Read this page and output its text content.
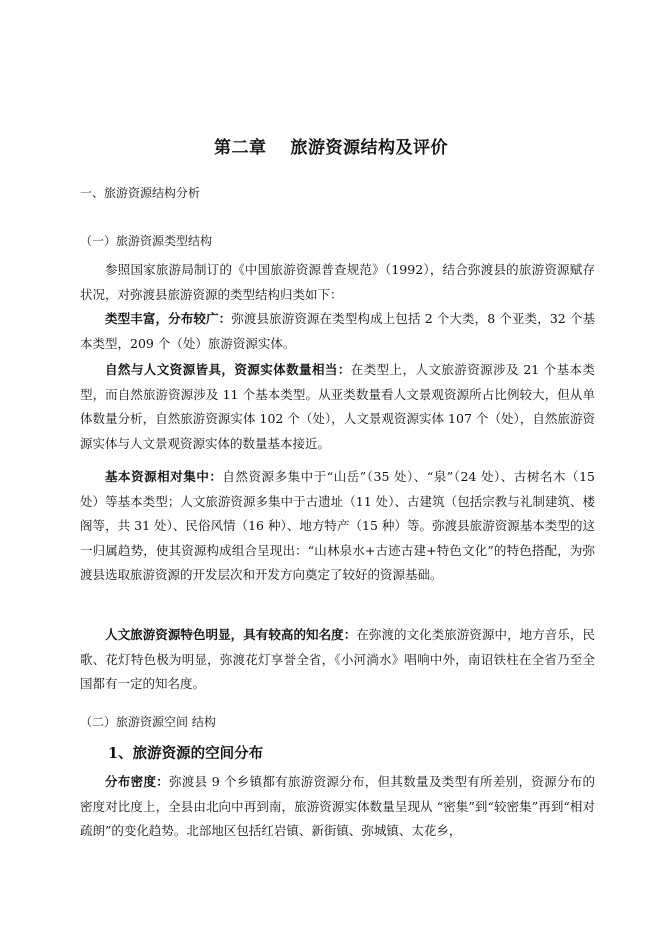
第二章　 旅游资源结构及评价
一、旅游资源结构分析
（一）旅游资源类型结构

参照国家旅游局制订的《中国旅游资源普查规范》（1992），结合弥渡县的旅游资源赋存状况，对弥渡县旅游资源的类型结构归类如下：

类型丰富，分布较广：弥渡县旅游资源在类型构成上包括 2 个大类，8 个亚类，32 个基本类型，209 个（处）旅游资源实体。

自然与人文资源皆具，资源实体数量相当：在类型上，人文旅游资源涉及 21 个基本类型，而自然旅游资源涉及 11 个基本类型。从亚类数量看人文景观资源所占比例较大，但从单体数量分析，自然旅游资源实体 102 个（处），人文景观资源实体 107 个（处），自然旅游资源实体与人文景观资源实体的数量基本接近。

基本资源相对集中：自然资源多集中于“山岳”（35 处）、“泉”（24 处）、古树名木（15 处）等基本类型；人文旅游资源多集中于古遗址（11 处）、古建筑（包括宗教与礼制建筑、楼阁等，共 31 处）、民俗风情（16 种）、地方特产（15 种）等。弥渡县旅游资源基本类型的这一归属趋势，使其资源构成组合呈现出：“山林泉水+古迹古建+特色文化”的特色搭配，为弥渡县选取旅游资源的开发层次和开发方向奠定了较好的资源基础。

人文旅游资源特色明显，具有较高的知名度：在弥渡的文化类旅游资源中，地方音乐，民歌、花灯特色极为明显，弥渡花灯享誉全省，《小河淌水》唱响中外，南诏铁柱在全省乃至全国都有一定的知名度。

（二）旅游资源空间 结构
1、旅游资源的空间分布

分布密度：弥渡县 9 个乡镇都有旅游资源分布，但其数量及类型有所差别，资源分布的密度对比度上，全县由北向中再到南，旅游资源实体数量呈现从 “密集”到“较密集”再到“相对疏朗”的变化趋势。北部地区包括红岩镇、新街镇、弥城镇、太花乡，
